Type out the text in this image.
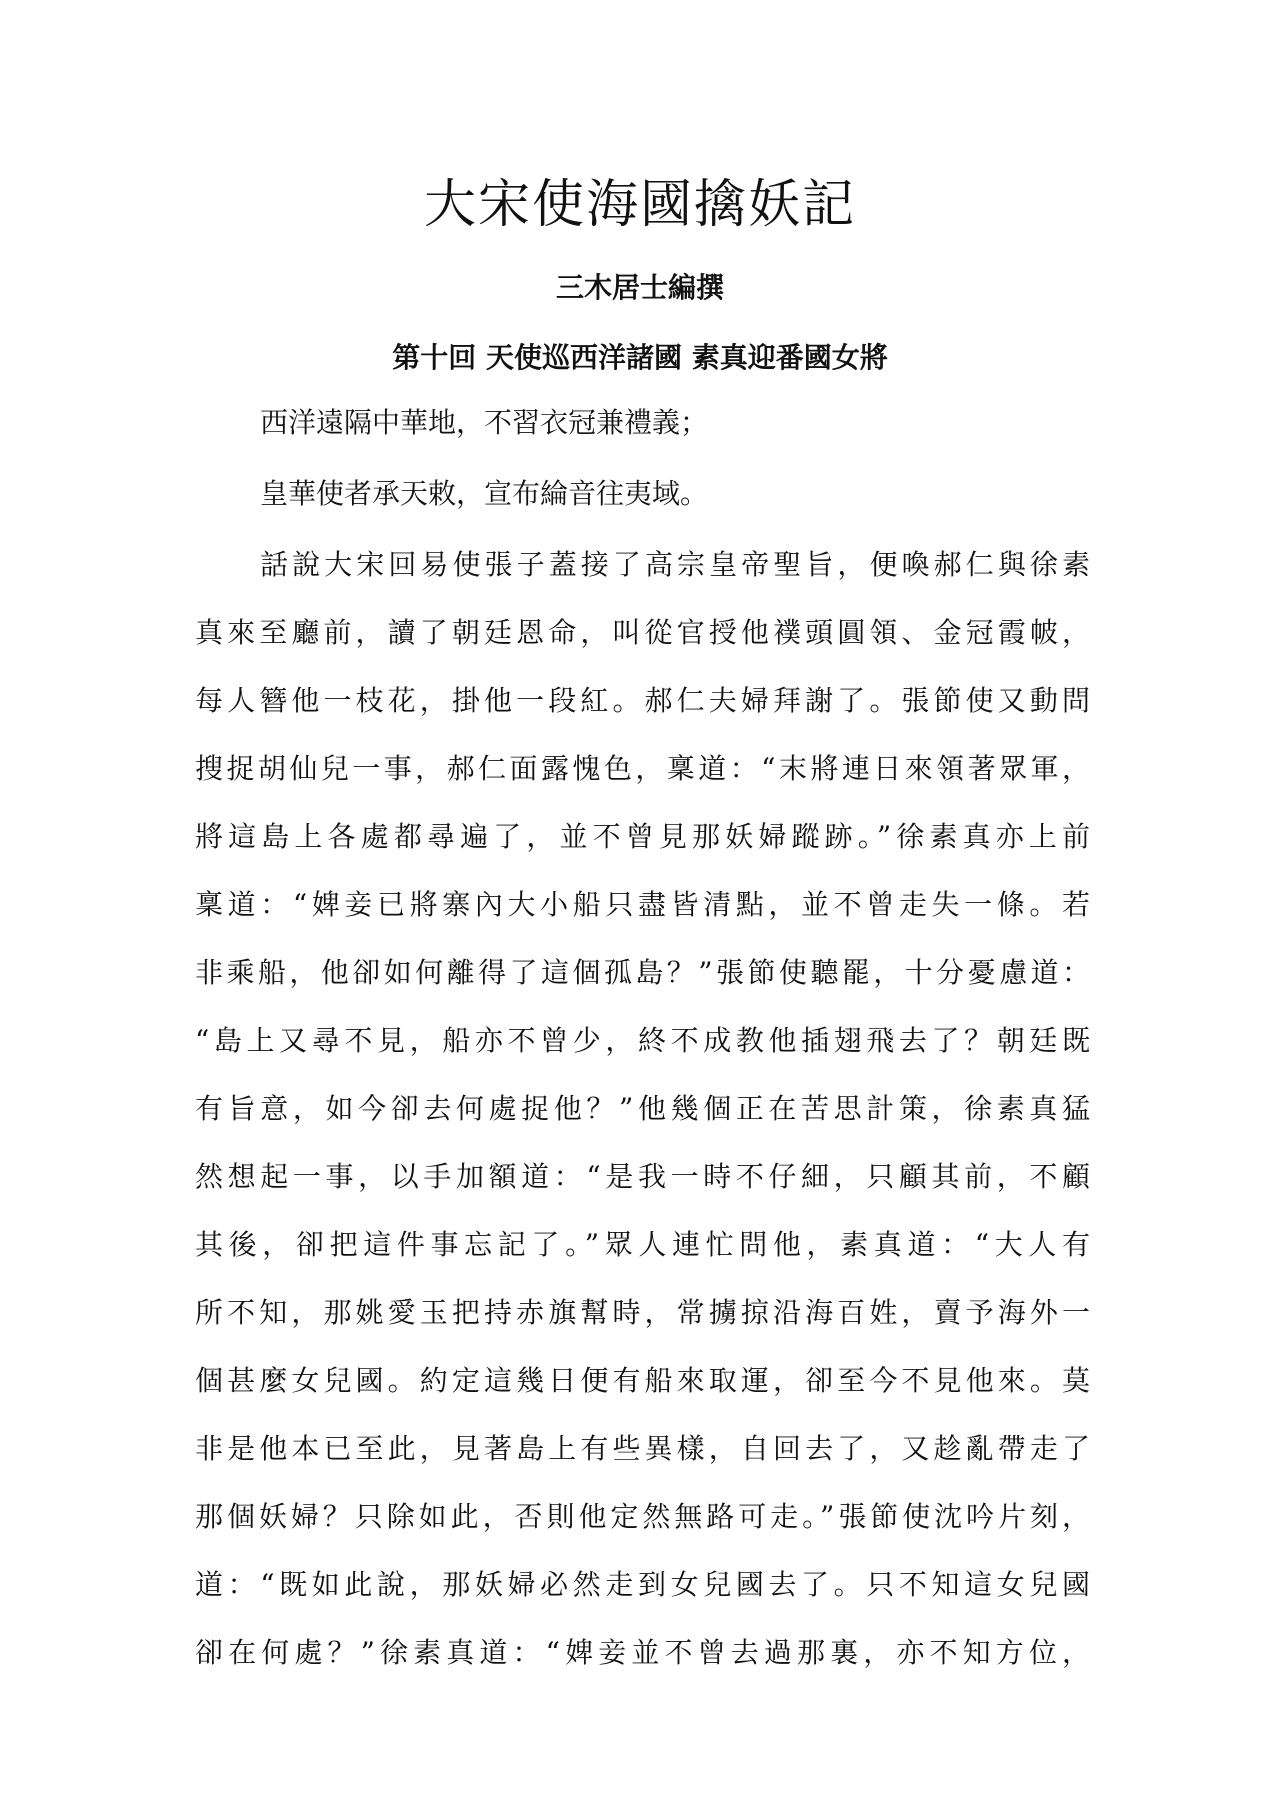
大宋使海國擒妖記
三木居士編撰
第十回 天使巡西洋諸國 素真迎番國女將
西洋遠隔中華地，不習衣冠兼禮義；
皇華使者承天敕，宣布綸音往夷域。
話說大宋回易使張子蓋接了高宗皇帝聖旨，便喚郝仁與徐素
真來至廳前，讀了朝廷恩命，叫從官授他襆頭圓領、金冠霞帔，
每人簪他一枝花，掛他一段紅。郝仁夫婦拜謝了。張節使又動問
搜捉胡仙兒一事，郝仁面露愧色，稟道：“末將連日來領著眾軍，
將這島上各處都尋遍了，並不曾見那妖婦蹤跡。”徐素真亦上前
稟道：“婢妾已將寨內大小船只盡皆清點，並不曾走失一條。若
非乘船，他卻如何離得了這個孤島？”張節使聽罷，十分憂慮道：
“島上又尋不見，船亦不曾少，終不成教他插翅飛去了？朝廷既
有旨意，如今卻去何處捉他？”他幾個正在苦思計策，徐素真猛
然想起一事，以手加額道：“是我一時不仔細，只顧其前，不顧
其後，卻把這件事忘記了。”眾人連忙問他，素真道：“大人有
所不知，那姚愛玉把持赤旗幫時，常擄掠沿海百姓，賣予海外一
個甚麼女兒國。約定這幾日便有船來取運，卻至今不見他來。莫
非是他本已至此，見著島上有些異樣，自回去了，又趁亂帶走了
那個妖婦？只除如此，否則他定然無路可走。”張節使沈吟片刻，
道：“既如此說，那妖婦必然走到女兒國去了。只不知這女兒國
卻在何處？”徐素真道：“婢妾並不曾去過那裏，亦不知方位，
